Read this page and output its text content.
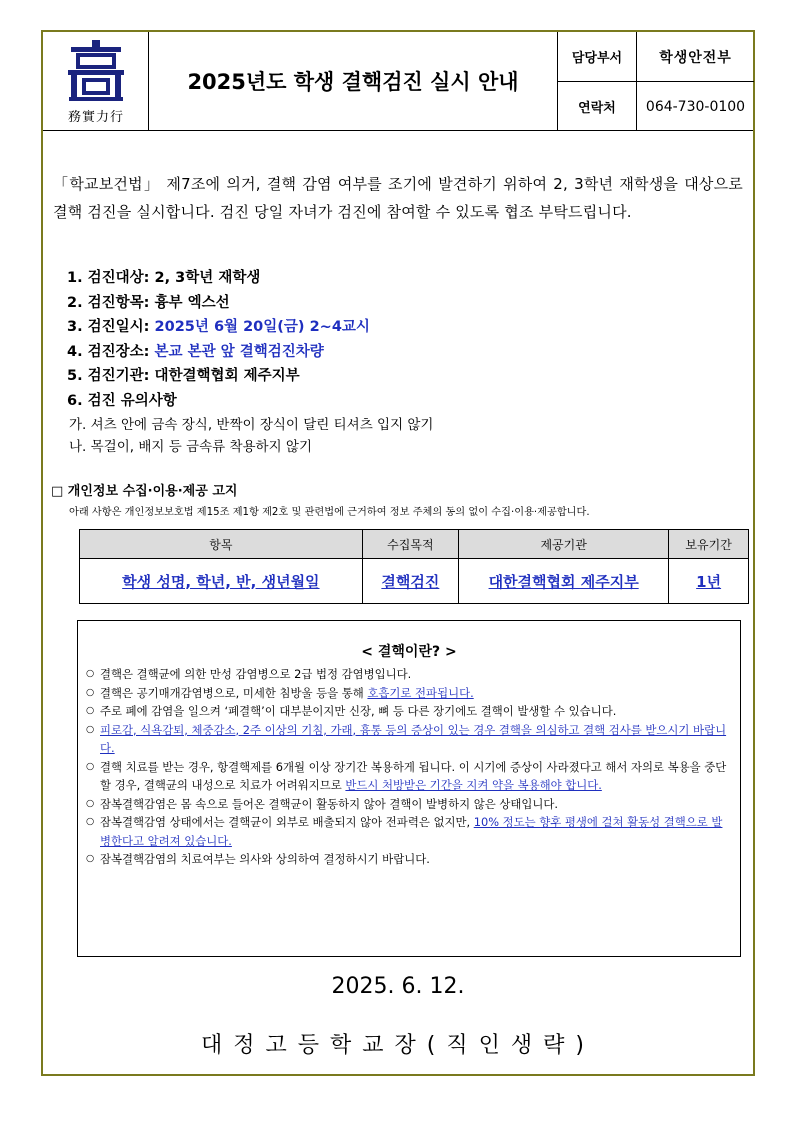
務實力行
2025년도 학생 결핵검진 실시 안내
담당부서	학생안전부
연락처	064-730-0100
「학교보건법」 제7조에 의거, 결핵 감염 여부를 조기에 발견하기 위하여 2, 3학년 재학생을 대상으로 결핵 검진을 실시합니다. 검진 당일 자녀가 검진에 참여할 수 있도록 협조 부탁드립니다.
1. 검진대상: 2, 3학년 재학생
2. 검진항목: 흉부 엑스선
3. 검진일시: 2025년 6월 20일(금) 2~4교시
4. 검진장소: 본교 본관 앞 결핵검진차량
5. 검진기관: 대한결핵협회 제주지부
6. 검진 유의사항
가. 셔츠 안에 금속 장식, 반짝이 장식이 달린 티셔츠 입지 않기
나. 목걸이, 배지 등 금속류 착용하지 않기
□ 개인정보 수집·이용·제공 고지
아래 사항은 개인정보보호법 제15조 제1항 제2호 및 관련법에 근거하여 정보 주체의 동의 없이 수집·이용·제공합니다.
항목	수집목적	제공기관	보유기간
학생 성명, 학년, 반, 생년월일	결핵검진	대한결핵협회 제주지부	1년
< 결핵이란? >
○ 결핵은 결핵균에 의한 만성 감염병으로 2급 법정 감염병입니다.
○ 결핵은 공기매개감염병으로, 미세한 침방울 등을 통해 호흡기로 전파됩니다.
○ 주로 폐에 감염을 일으켜 ‘폐결핵’이 대부분이지만 신장, 뼈 등 다른 장기에도 결핵이 발생할 수 있습니다.
○ 피로감, 식욕감퇴, 체중감소, 2주 이상의 기침, 가래, 흉통 등의 증상이 있는 경우 결핵을 의심하고 결핵 검사를 받으시기 바랍니다.
○ 결핵 치료를 받는 경우, 항결핵제를 6개월 이상 장기간 복용하게 됩니다. 이 시기에 증상이 사라졌다고 해서 자의로 복용을 중단할 경우, 결핵균의 내성으로 치료가 어려워지므로 반드시 처방받은 기간을 지켜 약을 복용해야 합니다.
○ 잠복결핵감염은 몸 속으로 들어온 결핵균이 활동하지 않아 결핵이 발병하지 않은 상태입니다.
○ 잠복결핵감염 상태에서는 결핵균이 외부로 배출되지 않아 전파력은 없지만, 10% 정도는 향후 평생에 걸쳐 활동성 결핵으로 발병한다고 알려져 있습니다.
○ 잠복결핵감염의 치료여부는 의사와 상의하여 결정하시기 바랍니다.
2025. 6. 12.
대정고등학교장(직인생략)
